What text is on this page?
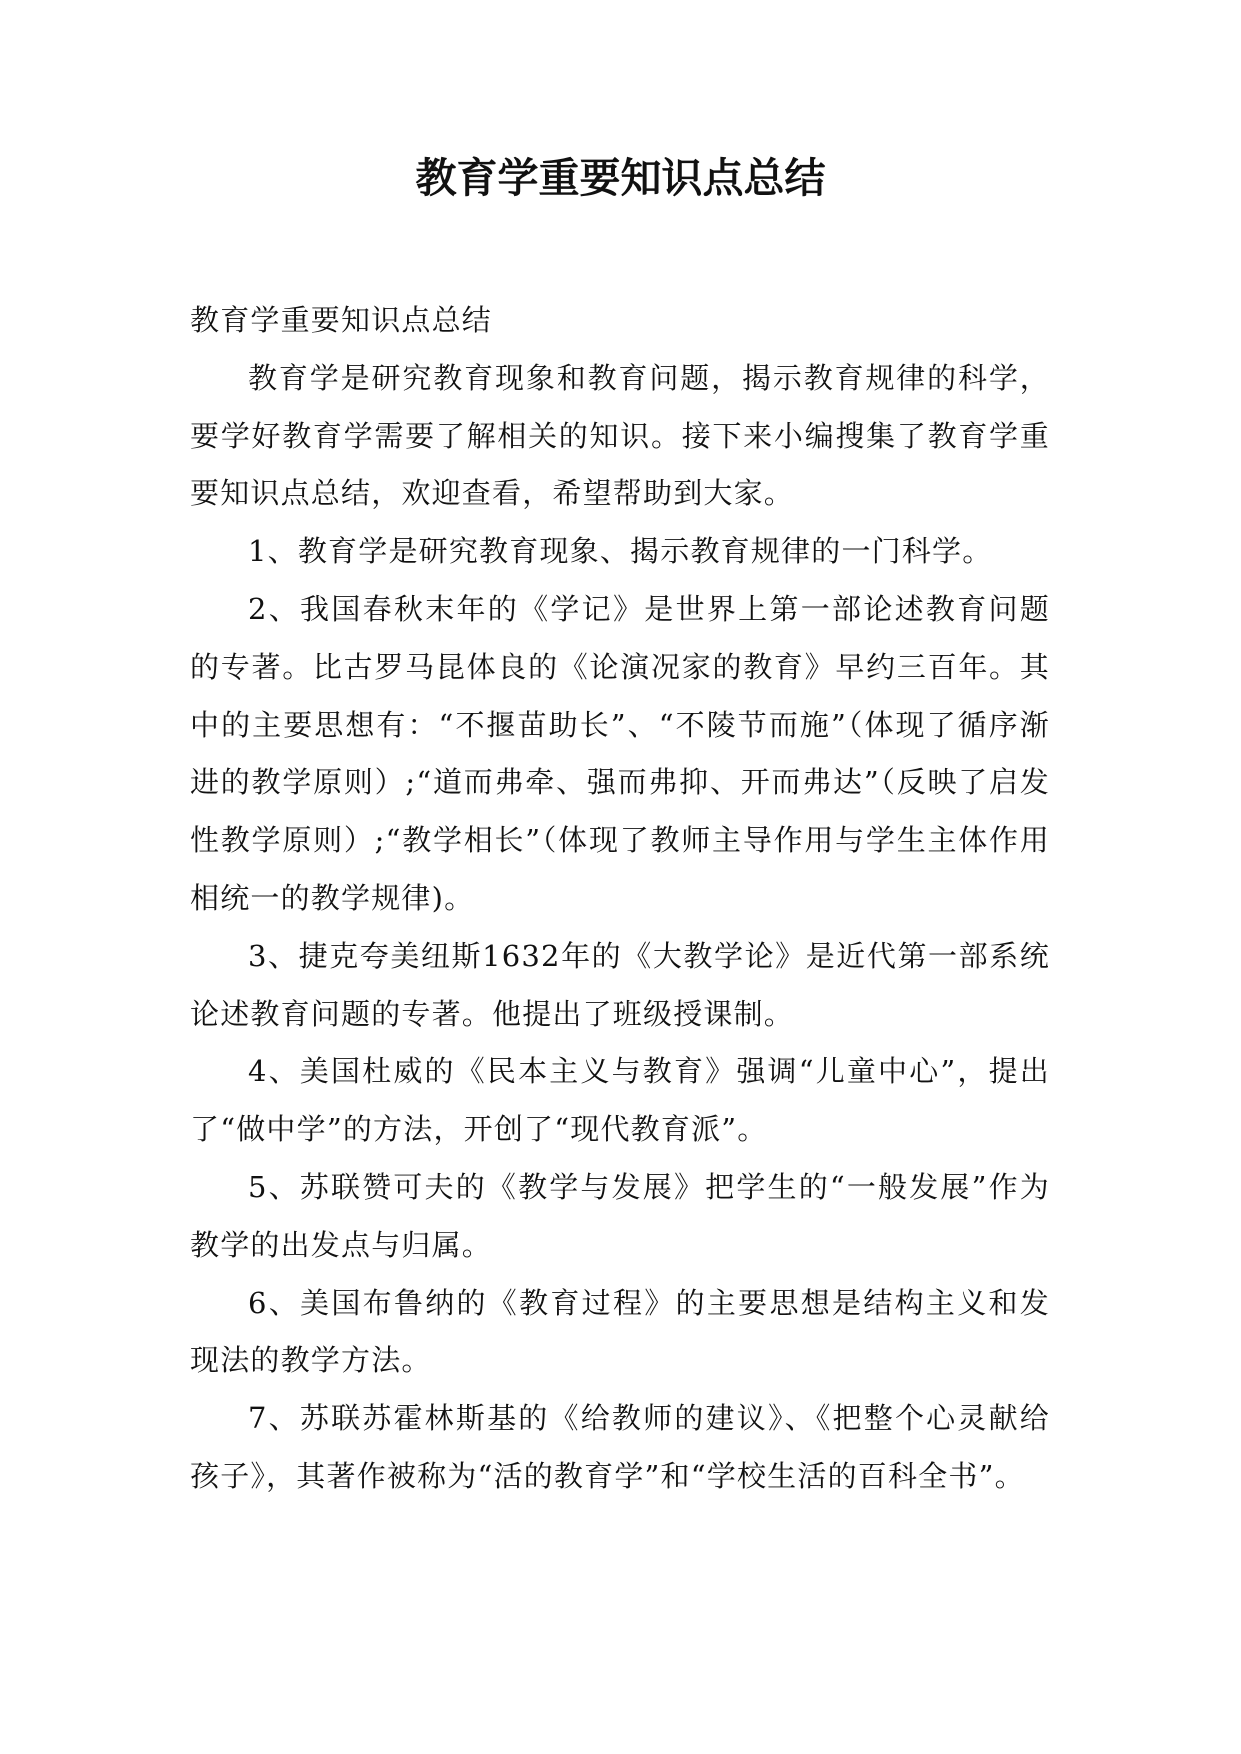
教育学重要知识点总结

教育学重要知识点总结

教育学是研究教育现象和教育问题，揭示教育规律的科学，要学好教育学需要了解相关的知识。接下来小编搜集了教育学重要知识点总结，欢迎查看，希望帮助到大家。

1、教育学是研究教育现象、揭示教育规律的一门科学。

2、我国春秋末年的《学记》是世界上第一部论述教育问题的专著。比古罗马昆体良的《论演况家的教育》早约三百年。其中的主要思想有：“不揠苗助长”、“不陵节而施”（体现了循序渐进的教学原则）;“道而弗牵、强而弗抑、开而弗达”（反映了启发性教学原则）;“教学相长”（体现了教师主导作用与学生主体作用相统一的教学规律)。

3、捷克夸美纽斯1632年的《大教学论》是近代第一部系统论述教育问题的专著。他提出了班级授课制。

4、美国杜威的《民本主义与教育》强调“儿童中心”，提出了“做中学”的方法，开创了“现代教育派”。

5、苏联赞可夫的《教学与发展》把学生的“一般发展”作为教学的出发点与归属。

6、美国布鲁纳的《教育过程》的主要思想是结构主义和发现法的教学方法。

7、苏联苏霍林斯基的《给教师的建议》、《把整个心灵献给孩子》，其著作被称为“活的教育学”和“学校生活的百科全书”。
